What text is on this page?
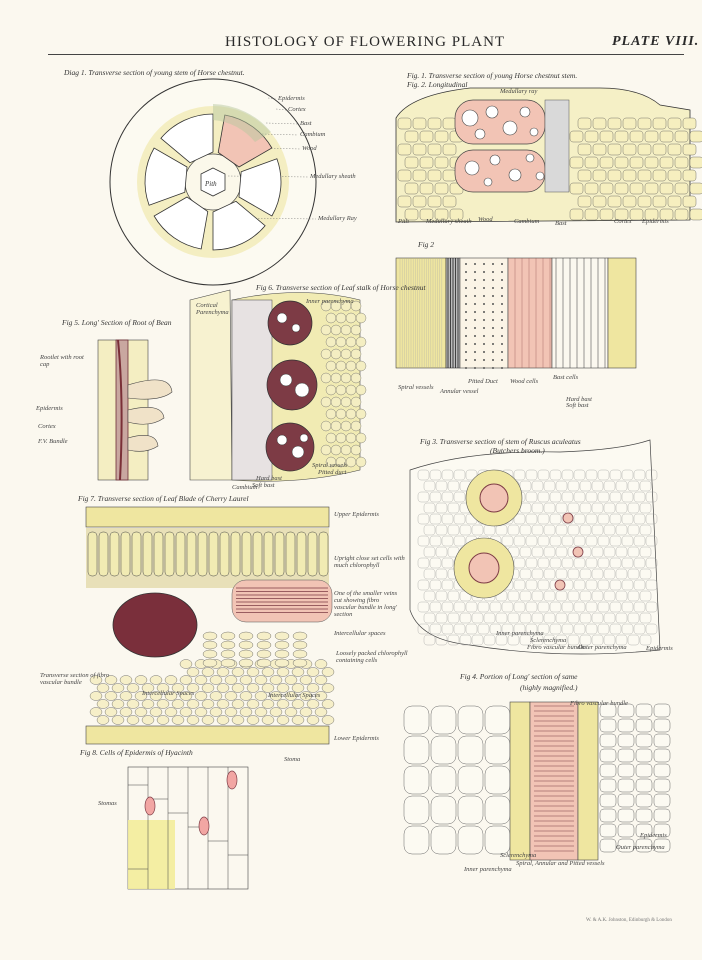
HISTOLOGY OF FLOWERING PLANT	PLATE VIII.
Pith
Diag 1. Transverse section of young stem of Horse chestnut.	Fig. 1. Transverse section of young Horse chestnut stem.
Fig. 2. Longitudinal
Medullary ray
Fig 2
Fig 5. Long' Section of Root of Bean
Fig 6. Transverse section of Leaf stalk of Horse chestnut
Fig 3. Transverse section of stem of Ruscus aculeatus
(Butchers broom.)
Fig 7. Transverse section of Leaf Blade of Cherry Laurel
Fig 4. Portion of Long' section of same
(highly magnified.)
Fig 8. Cells of Epidermis of Hyacinth
W. & A.K. Johnston, Edinburgh & London
Epidermis
Cortex
Bast
Cambium
Wood
Medullary sheath
Medullary Ray	Pith	Medullary sheath Wood	Cambium Bast	Cortex Epidermis
Spiral vessels
Annular vessel
Pitted Duct Wood cells
Bast cells
Hard bast
Soft bast
Inner parenchyma
Sclerenchyma
Fibro vascular bundle
Outer parenchyma	Epidermis
Fibro vascular bundle
Inner parenchyma
Spiral, Annular and Pitted vessels
Sclerenchyma
Outer parenchyma
Epidermis
Rootlet with root cap
Epidermis
Cortex
F.V. Bundle
Cortical Parenchyma
Inner parenchyma
Hard bast
Soft bast
Spiral vessels
Pitted duct
Cambium
Upper Epidermis
Upright close set cells with much chlorophyll
One of the smaller veins cut showing fibro vascular bundle in long' section
Intercellular spaces
Loosely packed chlorophyll containing cells
Transverse section of fibro vascular bundle
Intercellular Spaces	Intercellular Spaces
Lower Epidermis
Stoma
Stomas
